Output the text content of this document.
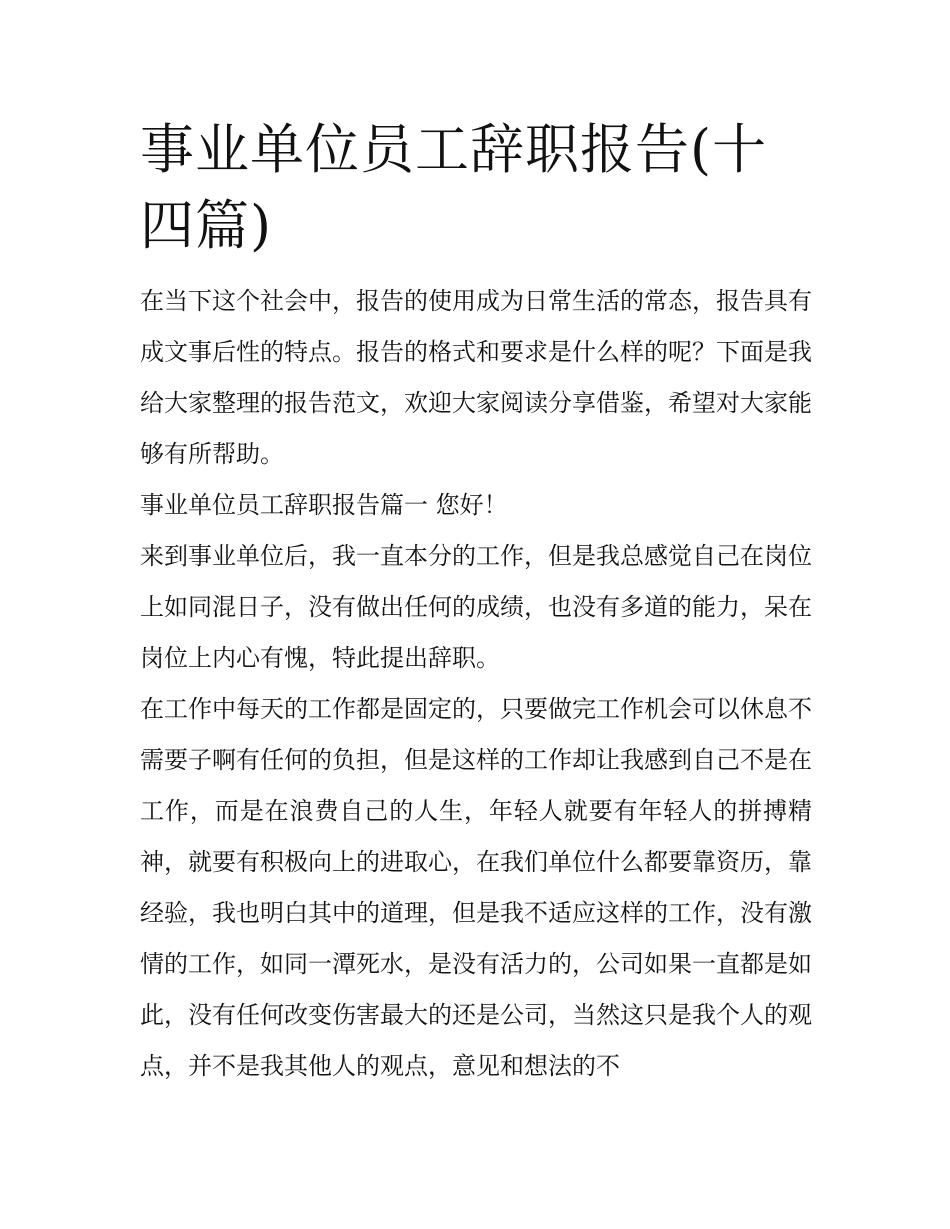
事业单位员工辞职报告(十四篇)

在当下这个社会中，报告的使用成为日常生活的常态，报告具有成文事后性的特点。报告的格式和要求是什么样的呢？下面是我给大家整理的报告范文，欢迎大家阅读分享借鉴，希望对大家能够有所帮助。

事业单位员工辞职报告篇一 您好！

来到事业单位后，我一直本分的工作，但是我总感觉自己在岗位上如同混日子，没有做出任何的成绩，也没有多道的能力，呆在岗位上内心有愧，特此提出辞职。

在工作中每天的工作都是固定的，只要做完工作机会可以休息不需要子啊有任何的负担，但是这样的工作却让我感到自己不是在工作，而是在浪费自己的人生，年轻人就要有年轻人的拼搏精神，就要有积极向上的进取心，在我们单位什么都要靠资历，靠经验，我也明白其中的道理，但是我不适应这样的工作，没有激情的工作，如同一潭死水，是没有活力的，公司如果一直都是如此，没有任何改变伤害最大的还是公司，当然这只是我个人的观点，并不是我其他人的观点，意见和想法的不
